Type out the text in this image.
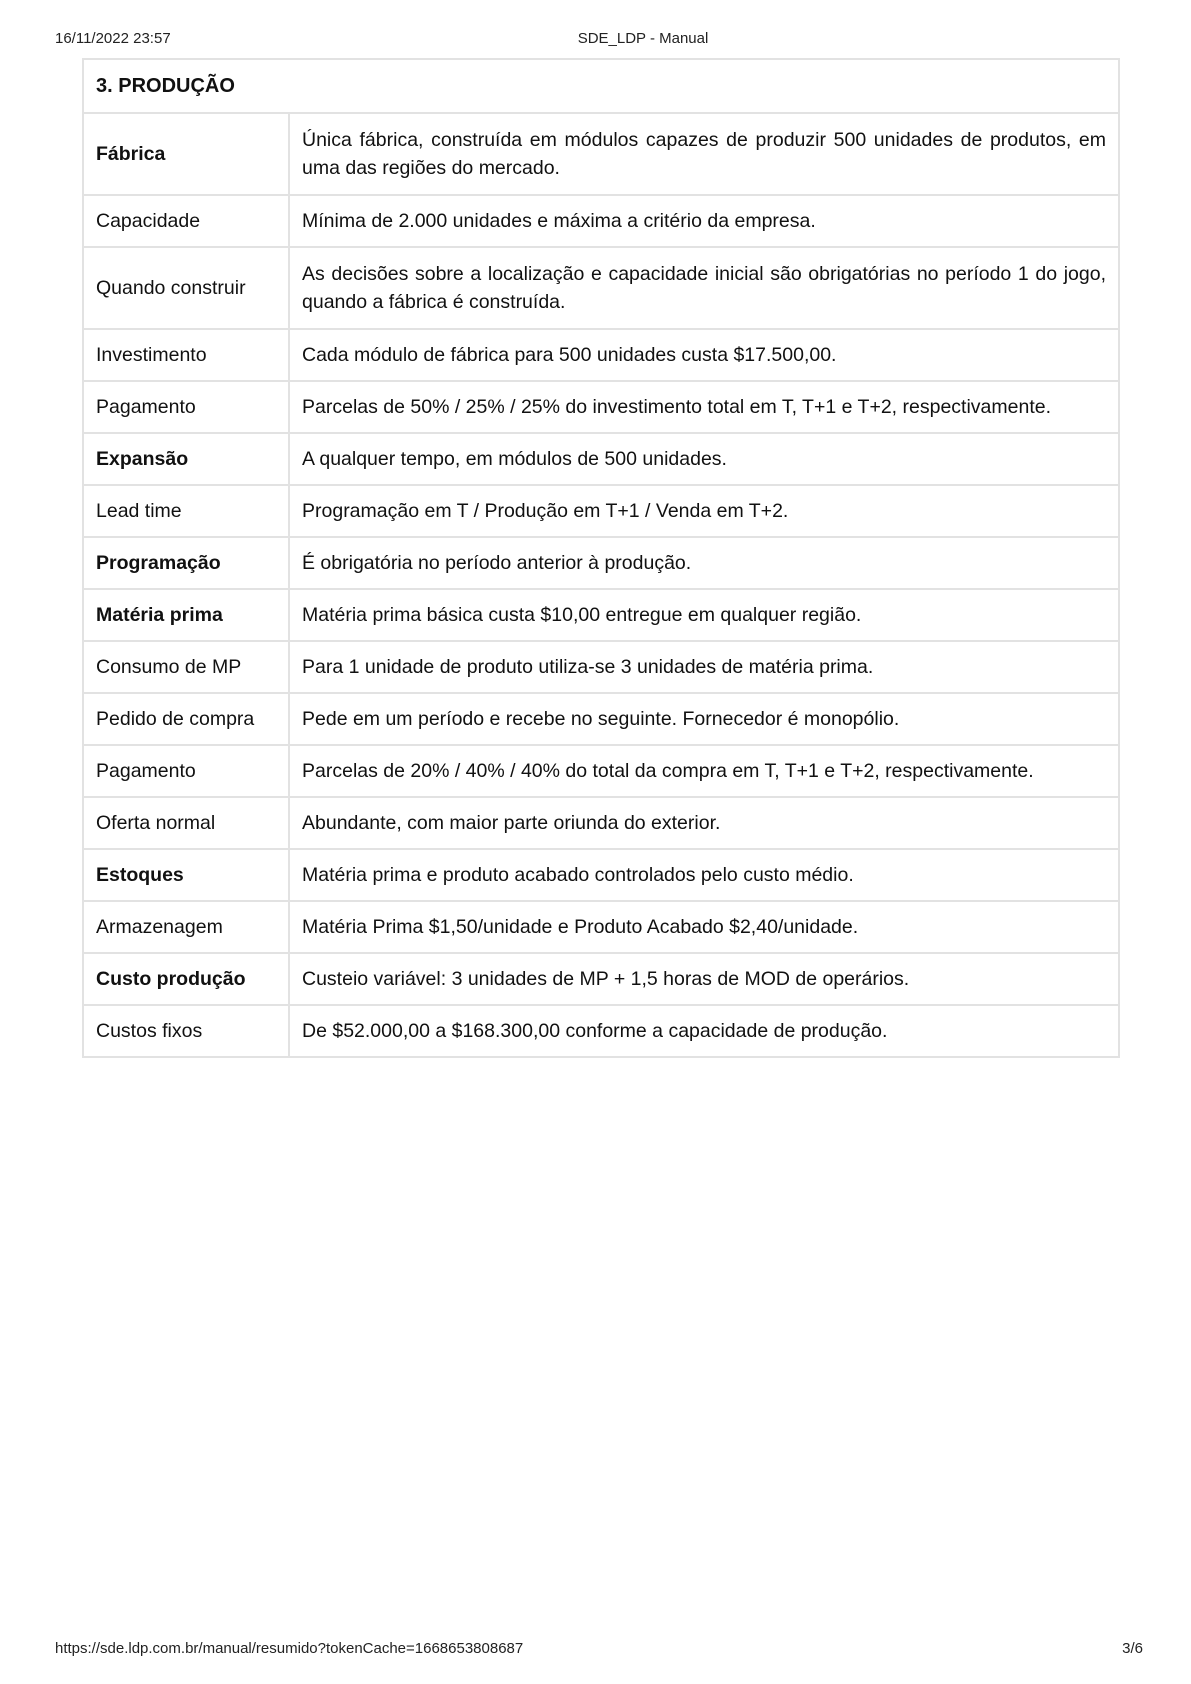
16/11/2022 23:57	SDE_LDP - Manual
3. PRODUÇÃO	
Fábrica	Única fábrica, construída em módulos capazes de produzir 500 unidades de produtos, em uma das regiões do mercado.
Capacidade	Mínima de 2.000 unidades e máxima a critério da empresa.
Quando construir	As decisões sobre a localização e capacidade inicial são obrigatórias no período 1 do jogo, quando a fábrica é construída.
Investimento	Cada módulo de fábrica para 500 unidades custa $17.500,00.
Pagamento	Parcelas de 50% / 25% / 25% do investimento total em T, T+1 e T+2, respectivamente.
Expansão	A qualquer tempo, em módulos de 500 unidades.
Lead time	Programação em T / Produção em T+1 / Venda em T+2.
Programação	É obrigatória no período anterior à produção.
Matéria prima	Matéria prima básica custa $10,00 entregue em qualquer região.
Consumo de MP	Para 1 unidade de produto utiliza-se 3 unidades de matéria prima.
Pedido de compra	Pede em um período e recebe no seguinte. Fornecedor é monopólio.
Pagamento	Parcelas de 20% / 40% / 40% do total da compra em T, T+1 e T+2, respectivamente.
Oferta normal	Abundante, com maior parte oriunda do exterior.
Estoques	Matéria prima e produto acabado controlados pelo custo médio.
Armazenagem	Matéria Prima $1,50/unidade e Produto Acabado $2,40/unidade.
Custo produção	Custeio variável: 3 unidades de MP + 1,5 horas de MOD de operários.
Custos fixos	De $52.000,00 a $168.300,00 conforme a capacidade de produção.
https://sde.ldp.com.br/manual/resumido?tokenCache=1668653808687	3/6
